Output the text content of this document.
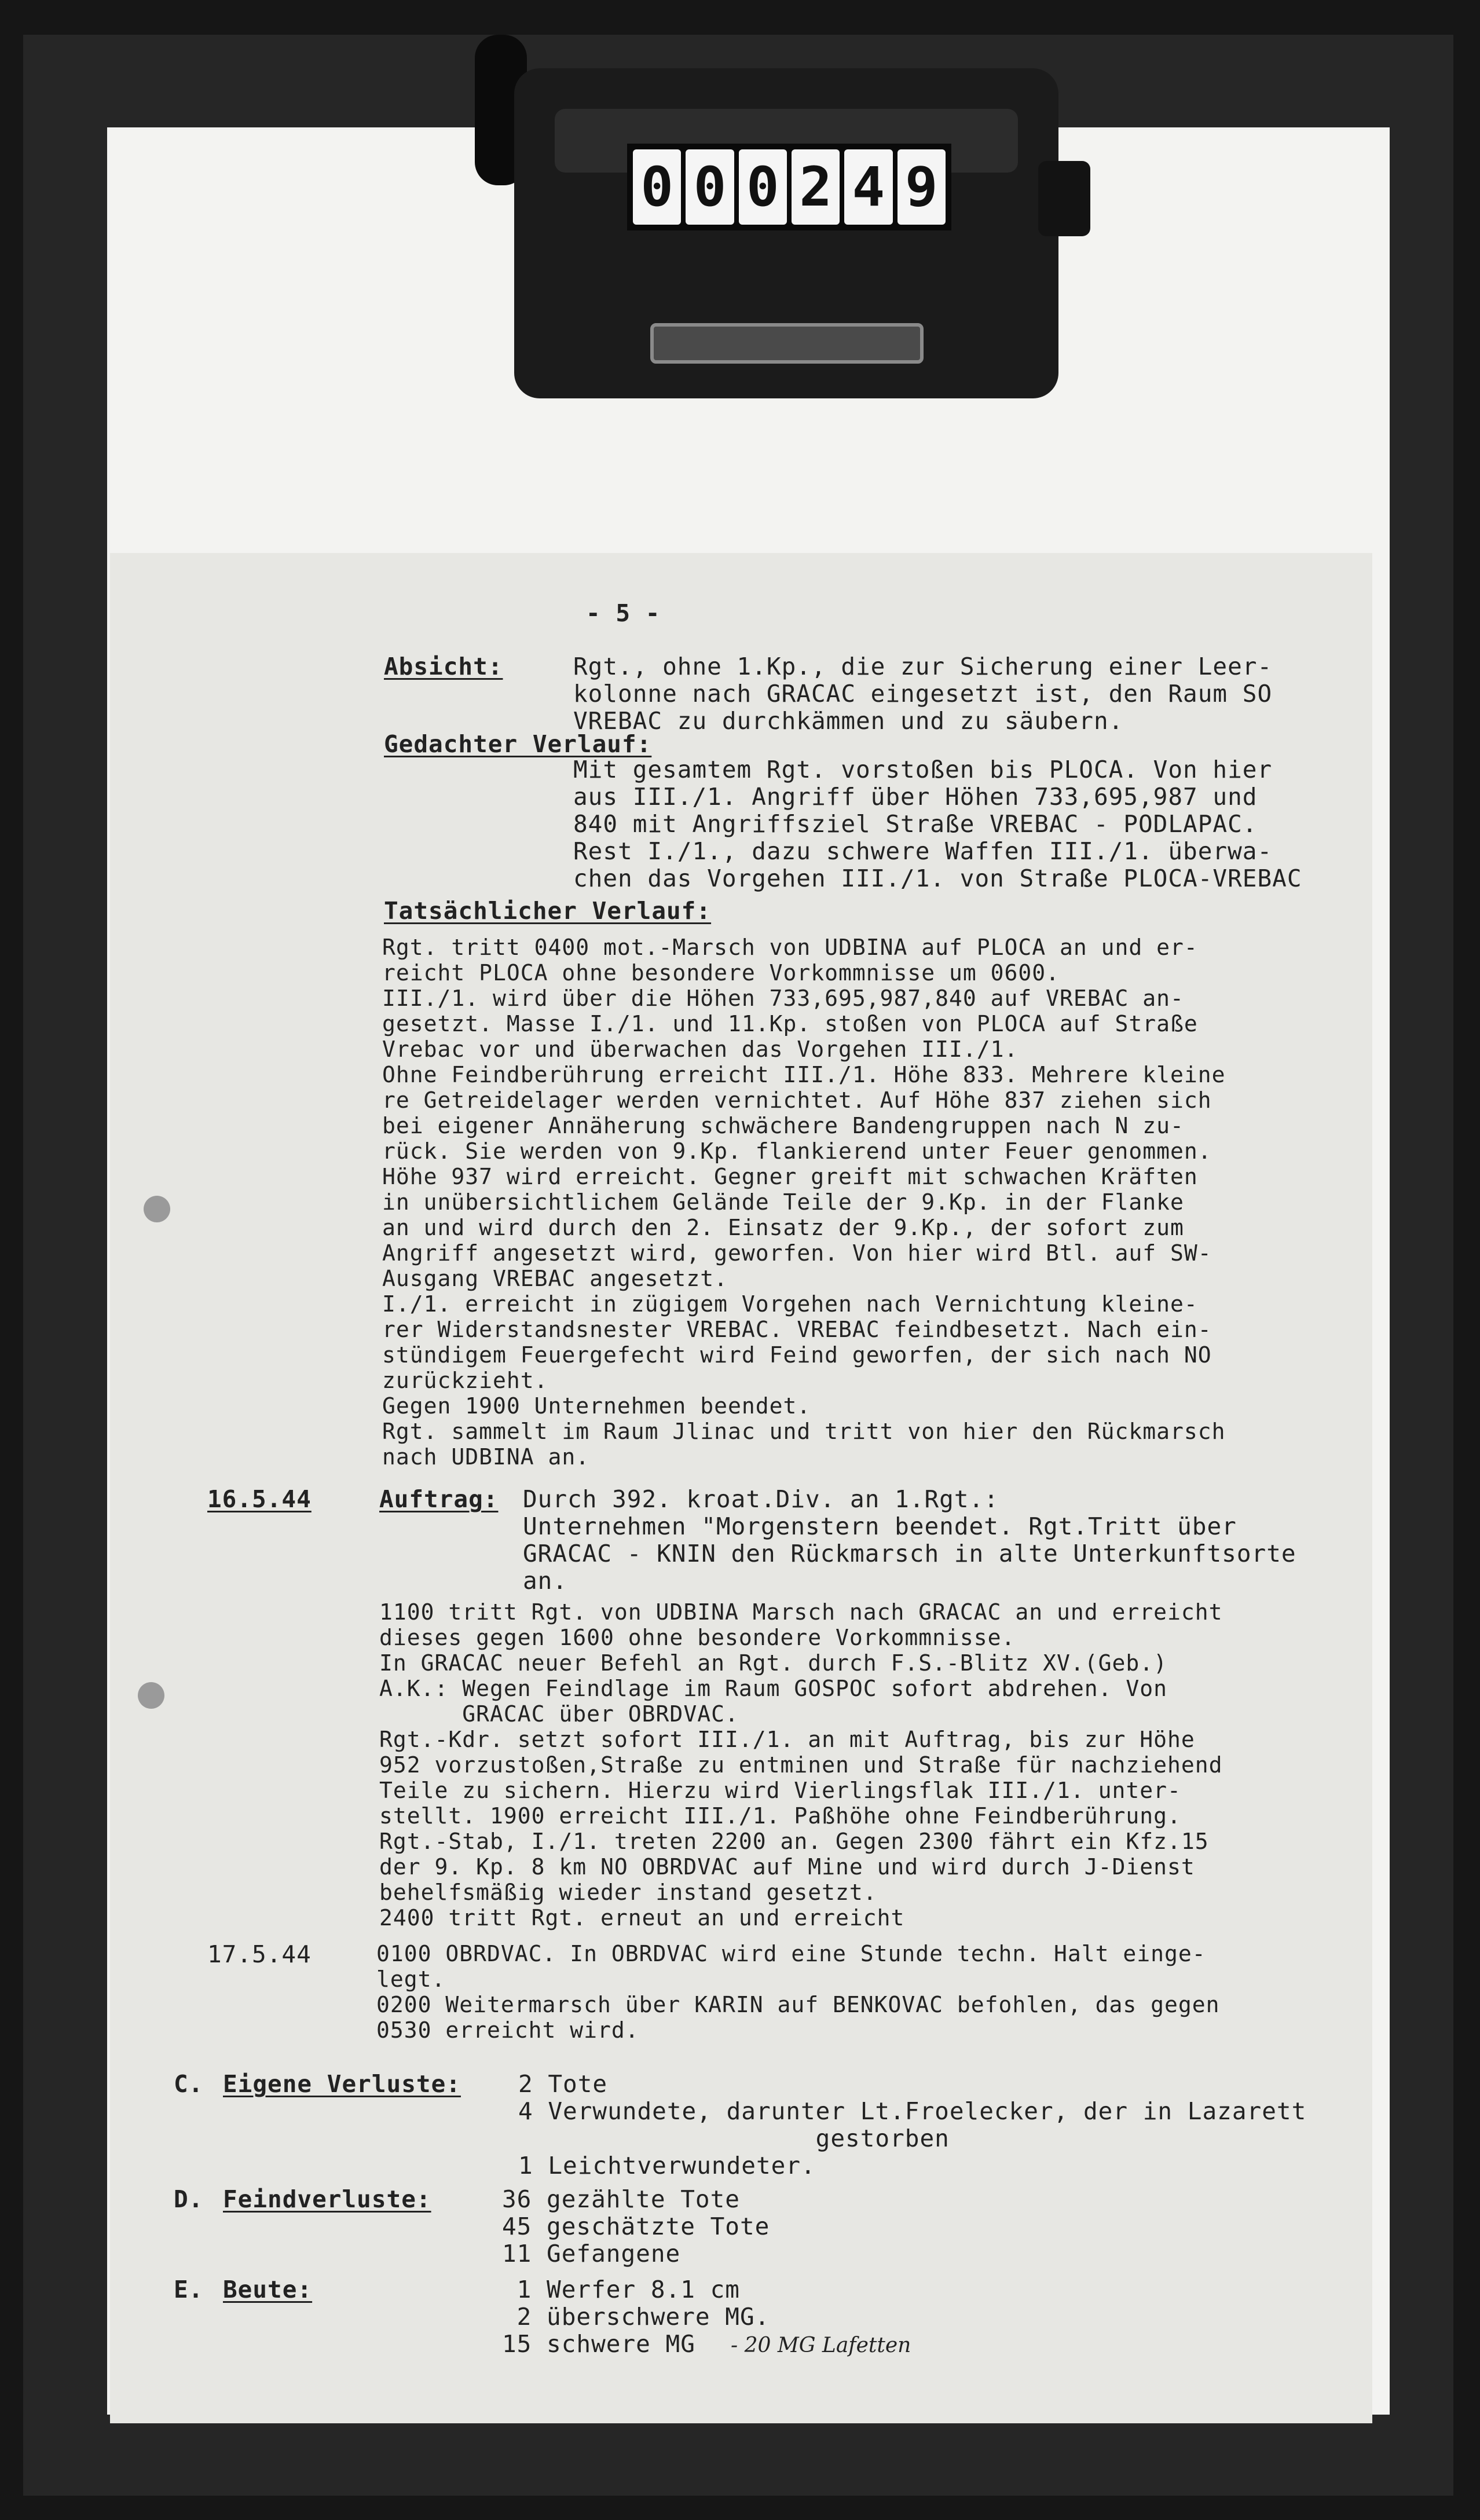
0 0 0 2 4 9
- 5 -
Absicht:	Rgt., ohne 1.Kp., die zur Sicherung einer Leer-
kolonne nach GRACAC eingesetzt ist, den Raum SO
VREBAC zu durchkämmen und zu säubern.
Gedachter Verlauf:
Mit gesamtem Rgt. vorstoßen bis PLOCA. Von hier
aus III./1. Angriff über Höhen 733,695,987 und
840 mit Angriffsziel Straße VREBAC - PODLAPAC.
Rest I./1., dazu schwere Waffen III./1. überwa-
chen das Vorgehen III./1. von Straße PLOCA-VREBAC
Tatsächlicher Verlauf:
Rgt. tritt 0400 mot.-Marsch von UDBINA auf PLOCA an und er-
reicht PLOCA ohne besondere Vorkommnisse um 0600.
III./1. wird über die Höhen 733,695,987,840 auf VREBAC an-
gesetzt. Masse I./1. und 11.Kp. stoßen von PLOCA auf Straße
Vrebac vor und überwachen das Vorgehen III./1.
Ohne Feindberührung erreicht III./1. Höhe 833. Mehrere kleine
re Getreidelager werden vernichtet. Auf Höhe 837 ziehen sich
bei eigener Annäherung schwächere Bandengruppen nach N zu-
rück. Sie werden von 9.Kp. flankierend unter Feuer genommen.
Höhe 937 wird erreicht. Gegner greift mit schwachen Kräften
in unübersichtlichem Gelände Teile der 9.Kp. in der Flanke
an und wird durch den 2. Einsatz der 9.Kp., der sofort zum
Angriff angesetzt wird, geworfen. Von hier wird Btl. auf SW-
Ausgang VREBAC angesetzt.
I./1. erreicht in zügigem Vorgehen nach Vernichtung kleine-
rer Widerstandsnester VREBAC. VREBAC feindbesetzt. Nach ein-
stündigem Feuergefecht wird Feind geworfen, der sich nach NO
zurückzieht.
Gegen 1900 Unternehmen beendet.
Rgt. sammelt im Raum Jlinac und tritt von hier den Rückmarsch
nach UDBINA an.
16.5.44	Auftrag: Durch 392. kroat.Div. an 1.Rgt.:
Unternehmen "Morgenstern beendet. Rgt.Tritt über
GRACAC - KNIN den Rückmarsch in alte Unterkunftsorte
an.
1100 tritt Rgt. von UDBINA Marsch nach GRACAC an und erreicht
dieses gegen 1600 ohne besondere Vorkommnisse.
In GRACAC neuer Befehl an Rgt. durch F.S.-Blitz XV.(Geb.)
A.K.: Wegen Feindlage im Raum GOSPOC sofort abdrehen. Von
GRACAC über OBRDVAC.
Rgt.-Kdr. setzt sofort III./1. an mit Auftrag, bis zur Höhe
952 vorzustoßen,Straße zu entminen und Straße für nachziehend
Teile zu sichern. Hierzu wird Vierlingsflak III./1. unter-
stellt. 1900 erreicht III./1. Paßhöhe ohne Feindberührung.
Rgt.-Stab, I./1. treten 2200 an. Gegen 2300 fährt ein Kfz.15
der 9. Kp. 8 km NO OBRDVAC auf Mine und wird durch J-Dienst
behelfsmäßig wieder instand gesetzt.
2400 tritt Rgt. erneut an und erreicht
17.5.44	0100 OBRDVAC. In OBRDVAC wird eine Stunde techn. Halt einge-
legt.
0200 Weitermarsch über KARIN auf BENKOVAC befohlen, das gegen
0530 erreicht wird.
C. Eigene Verluste: 2 Tote
4 Verwundete, darunter Lt.Froelecker, der in Lazarett
gestorben
1 Leichtverwundeter.
D. Feindverluste:	36 gezählte Tote
45 geschätzte Tote
11 Gefangene
E. Beute:	1 Werfer 8.1 cm
2 überschwere MG.
15 schwere MG	- 20 MG Lafetten
